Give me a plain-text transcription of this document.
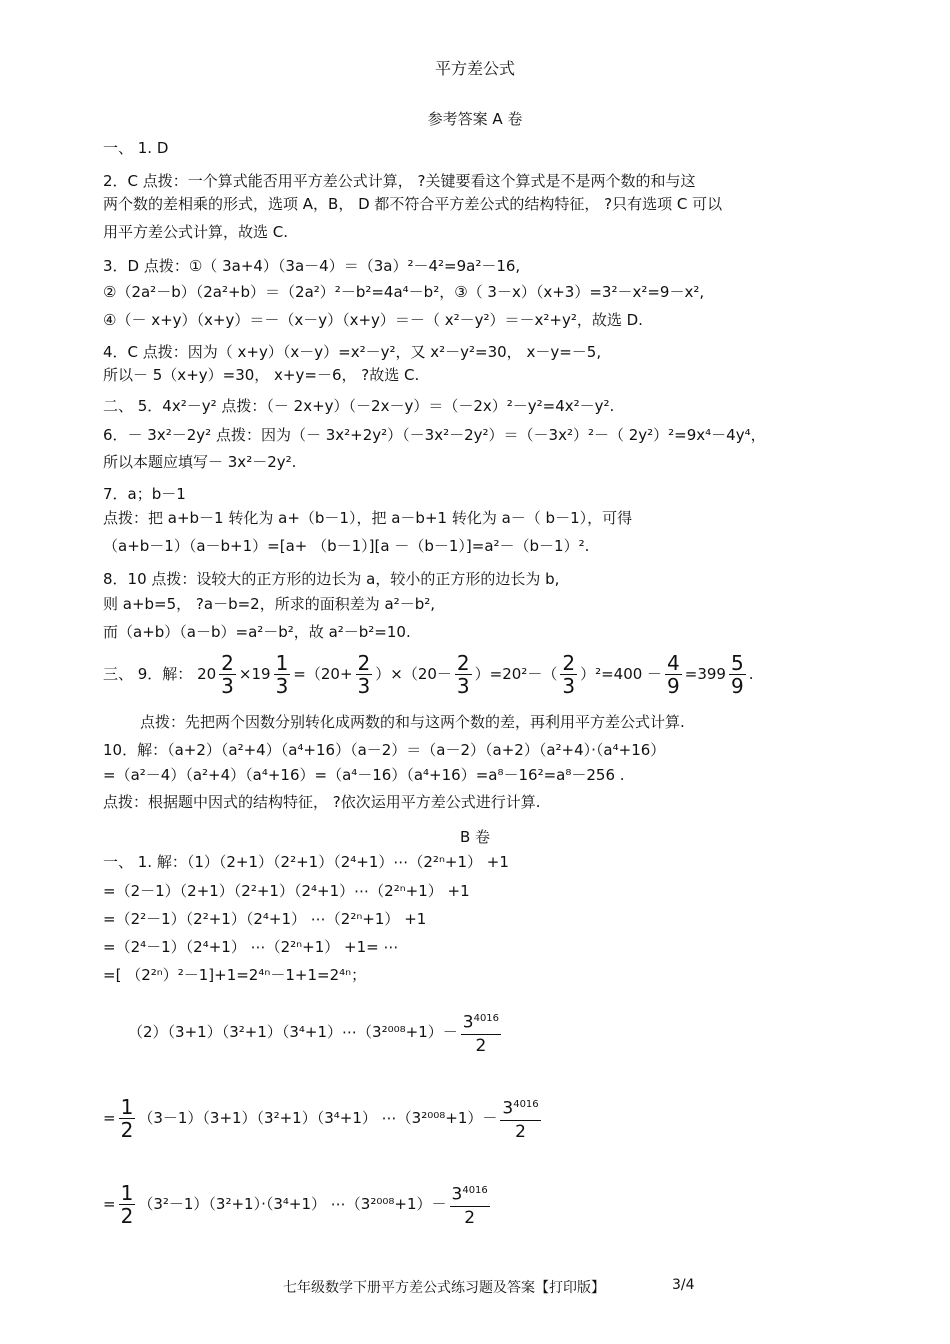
平方差公式
参考答案 A 卷
一、 1. D
2．C 点拨：一个算式能否用平方差公式计算， ?关键要看这个算式是不是两个数的和与这
两个数的差相乘的形式，选项 A，B， D 都不符合平方差公式的结构特征， ?只有选项 C 可以
用平方差公式计算，故选 C.
3．D 点拨：①（ 3a+4）（3a－4）＝（3a）²－4²=9a²－16,
②（2a²－b）（2a²+b）＝（2a²）²－b²=4a⁴－b²，③（ 3－x）（x+3）=3²－x²=9－x²,
④（－ x+y）（x+y）＝－（x－y）（x+y）＝－（ x²－y²）＝－x²+y²，故选 D.
4．C 点拨：因为（ x+y）（x－y）=x²－y²，又 x²－y²=30， x－y=－5,
所以－ 5（x+y）=30， x+y=－6， ?故选 C.
二、 5．4x²－y² 点拨：（－ 2x+y）（－2x－y）＝（－2x）²－y²=4x²－y².
6．－ 3x²－2y² 点拨：因为（－ 3x²+2y²）（－3x²－2y²）＝（－3x²）²－（ 2y²）²=9x⁴－4y⁴，
所以本题应填写－ 3x²－2y².
7．a；b－1
点拨：把 a+b－1 转化为 a+（b－1），把 a－b+1 转化为 a－（ b－1），可得
（a+b－1）（a－b+1）=[a+ （b－1）][a －（b－1）]=a²－（b－1）².
8．10 点拨：设较大的正方形的边长为 a，较小的正方形的边长为 b,
则 a+b=5， ?a－b=2，所求的面积差为 a²－b²,
而（a+b）（a－b）=a²－b²，故 a²－b²=10.
三、 9．解： $20 \frac{2}{3} \times 19 \frac{1}{3} =(20+ \frac{2}{3} )\times(20- \frac{2}{3} )=20^2-( \frac{2}{3} )^2=400 - \frac{4}{9} =399 \frac{5}{9}$ .
点拨：先把两个因数分别转化成两数的和与这两个数的差，再利用平方差公式计算.
10．解：（a+2）（a²+4）（a⁴+16）（a－2）＝（a－2）（a+2）（a²+4）·（a⁴+16）
=（a²－4）（a²+4）（a⁴+16）=（a⁴－16）（a⁴+16）=a⁸－16²=a⁸－256 .
点拨：根据题中因式的结构特征， ?依次运用平方差公式进行计算.
B 卷
一、 1. 解：（1）（2+1）（2²+1）（2⁴+1）⋯（2²ⁿ+1） +1
=（2－1）（2+1）（2²+1）（2⁴+1）⋯（2²ⁿ+1） +1
=（2²－1）（2²+1）（2⁴+1） ⋯（2²ⁿ+1） +1
=（2⁴－1）（2⁴+1） ⋯（2²ⁿ+1） +1= ⋯
=[ （2²ⁿ）²－1]+1=2⁴ⁿ－1+1=2⁴ⁿ；
（2）（3+1）（3²+1）（3⁴+1）⋯（3²⁰⁰⁸+1）－ $\frac{3^{4016}}{2}$
= $\frac{1}{2} (3-1)(3+1)(3^2+1)(3^4+1)$ ⋯（3²⁰⁰⁸+1）－ $\frac{3^{4016}}{2}$
= $\frac{1}{2} (3^2-1)(3^2+1)\cdot(3^4+1)$ ⋯（3²⁰⁰⁸+1）－ $\frac{3^{4016}}{2}$
七年级数学下册平方差公式练习题及答案【打印版】	3/4
